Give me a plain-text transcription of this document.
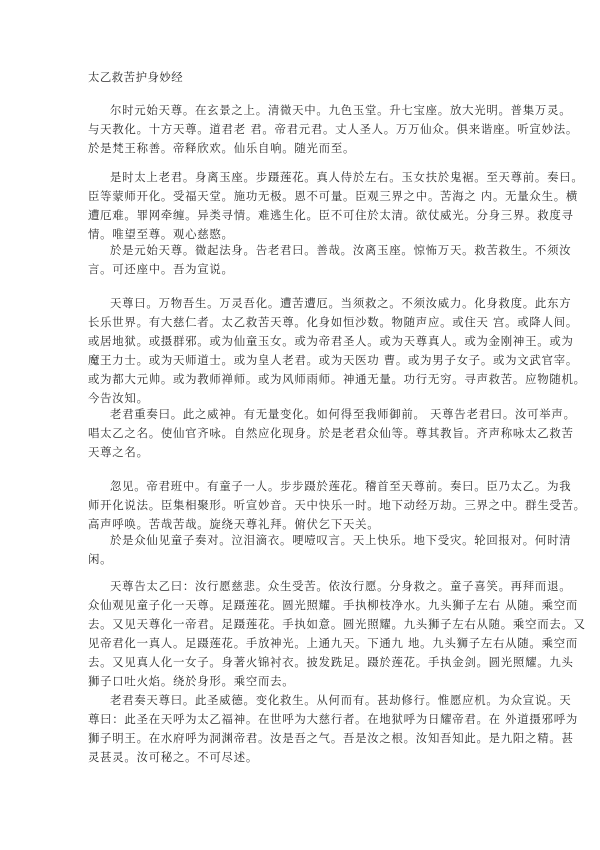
太乙救苦护身妙经
尔时元始天尊。在玄景之上。清微天中。九色玉堂。升七宝座。放大光明。普集万灵。
与天教化。十方天尊。道君老 君。帝君元君。丈人圣人。万万仙众。俱来谐座。听宣妙法。
於是梵王称善。帝释欣欢。仙乐自响。随光而至。
是时太上老君。身离玉座。步蹑莲花。真人侍於左右。玉女扶於鬼裾。至天尊前。奏曰。
臣等蒙师开化。受福天堂。施功无极。恩不可量。臣观三界之中。苦海之 内。无量众生。横
遭厄难。罪网牵缠。异类寻情。难逃生化。臣不可住於太清。欲仗威光。分身三界。救度寻
情。唯望至尊。观心慈愍。
於是元始天尊。微起法身。告老君曰。善哉。汝离玉座。惊怖万天。救苦救生。不须汝
言。可还座中。吾为宣说。
天尊曰。万物吾生。万灵吾化。遭苦遭厄。当须救之。不须汝威力。化身救度。此东方
长乐世界。有大慈仁者。太乙救苦天尊。化身如恒沙数。物随声应。或住天 宫。或降人间。
或居地狱。或摄群邪。或为仙童玉女。或为帝君圣人。或为天尊真人。或为金刚神王。或为
魔王力士。或为天师道士。或为皇人老君。或为天医功 曹。或为男子女子。或为文武官宰。
或为都大元帅。或为教师禅师。或为风师雨师。神通无量。功行无穷。寻声救苦。应物随机。
今告汝知。
老君重奏曰。此之威神。有无量变化。如何得至我师御前。 天尊告老君曰。汝可举声。
唱太乙之名。使仙官齐咏。自然应化现身。於是老君众仙等。尊其教旨。齐声称咏太乙救苦
天尊之名。
忽见。帝君班中。有童子一人。步步蹑於莲花。稽首至天尊前。奏曰。臣乃太乙。为我
师开化说法。臣集相聚形。听宣妙音。天中快乐一时。地下动经万劫。三界之中。群生受苦。
高声呼唤。苦哉苦哉。旋绕天尊礼拜。俯伏乞下天关。
於是众仙见童子奏对。泣泪滴衣。哽噎叹言。天上快乐。地下受灾。轮回报对。何时清
闲。
天尊告太乙曰：汝行愿慈悲。众生受苦。依汝行愿。分身救之。童子喜笑。再拜而退。
众仙观见童子化一天尊。足蹑莲花。圆光照耀。手执柳枝净水。九头狮子左右 从随。乘空而
去。又见天尊化一帝君。足蹑莲花。手执如意。圆光照耀。九头狮子左右从随。乘空而去。又
见帝君化一真人。足蹑莲花。手放神光。上通九天。下通九 地。九头狮子左右从随。乘空而
去。又见真人化一女子。身著火锦衬衣。披发跣足。蹑於莲花。手执金剑。圆光照耀。九头
狮子口吐火焰。绕於身形。乘空而去。
老君奏天尊曰。此圣威德。变化救生。从何而有。甚劫修行。惟愿应机。为众宣说。天
尊曰：此圣在天呼为太乙福神。在世呼为大慈行者。在地狱呼为日耀帝君。在 外道摄邪呼为
狮子明王。在水府呼为洞渊帝君。汝是吾之气。吾是汝之根。汝知吾知此。是九阳之精。甚
灵甚灵。汝可秘之。不可尽述。
